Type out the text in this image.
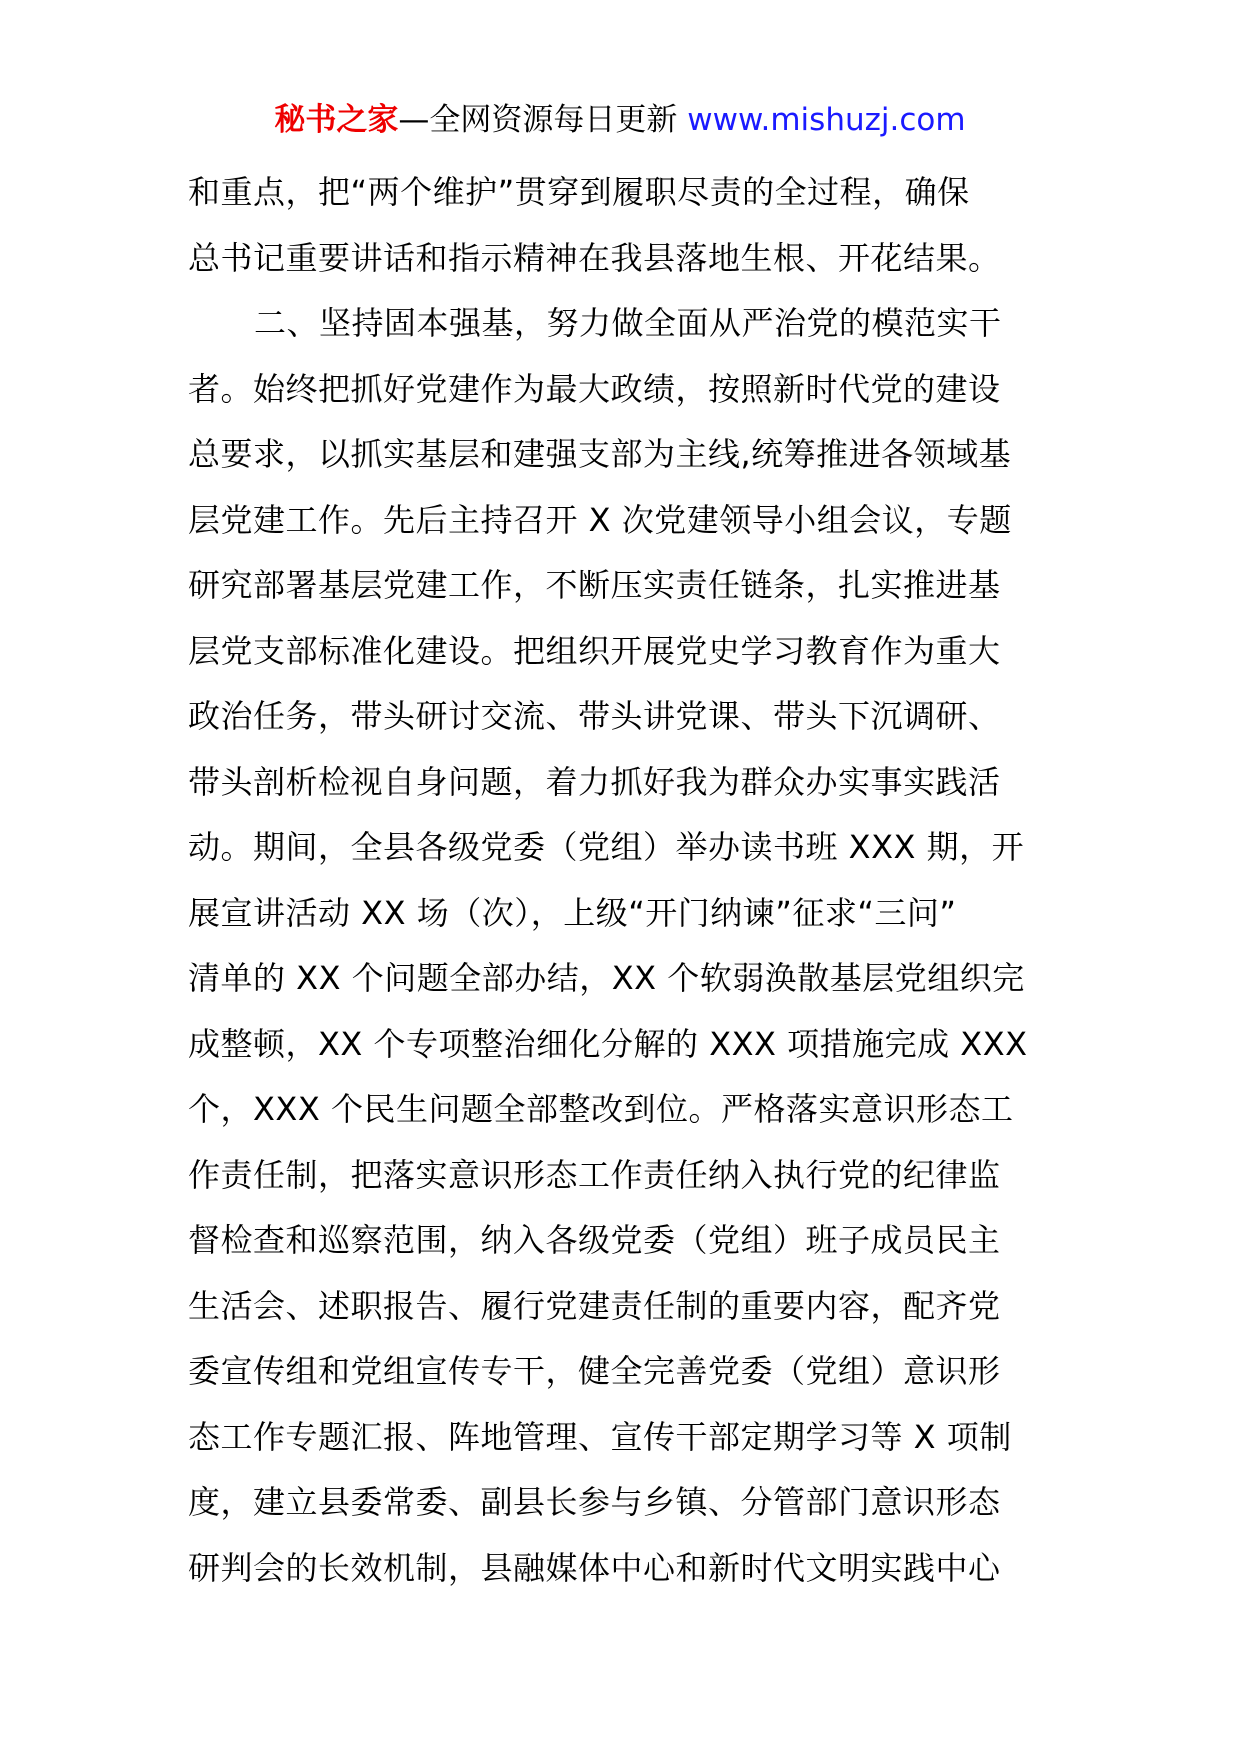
秘书之家—全网资源每日更新 www.mishuzj.com
和重点，把“两个维护”贯穿到履职尽责的全过程，确保
总书记重要讲话和指示精神在我县落地生根、开花结果。
二、坚持固本强基，努力做全面从严治党的模范实干
者。始终把抓好党建作为最大政绩，按照新时代党的建设
总要求，以抓实基层和建强支部为主线,统筹推进各领域基
层党建工作。先后主持召开 X 次党建领导小组会议，专题
研究部署基层党建工作，不断压实责任链条，扎实推进基
层党支部标准化建设。把组织开展党史学习教育作为重大
政治任务，带头研讨交流、带头讲党课、带头下沉调研、
带头剖析检视自身问题，着力抓好我为群众办实事实践活
动。期间，全县各级党委（党组）举办读书班 XXX 期，开
展宣讲活动 XX 场（次），上级“开门纳谏”征求“三问”
清单的 XX 个问题全部办结，XX 个软弱涣散基层党组织完
成整顿，XX 个专项整治细化分解的 XXX 项措施完成 XXX
个，XXX 个民生问题全部整改到位。严格落实意识形态工
作责任制，把落实意识形态工作责任纳入执行党的纪律监
督检查和巡察范围，纳入各级党委（党组）班子成员民主
生活会、述职报告、履行党建责任制的重要内容，配齐党
委宣传组和党组宣传专干，健全完善党委（党组）意识形
态工作专题汇报、阵地管理、宣传干部定期学习等 X 项制
度，建立县委常委、副县长参与乡镇、分管部门意识形态
研判会的长效机制，县融媒体中心和新时代文明实践中心
